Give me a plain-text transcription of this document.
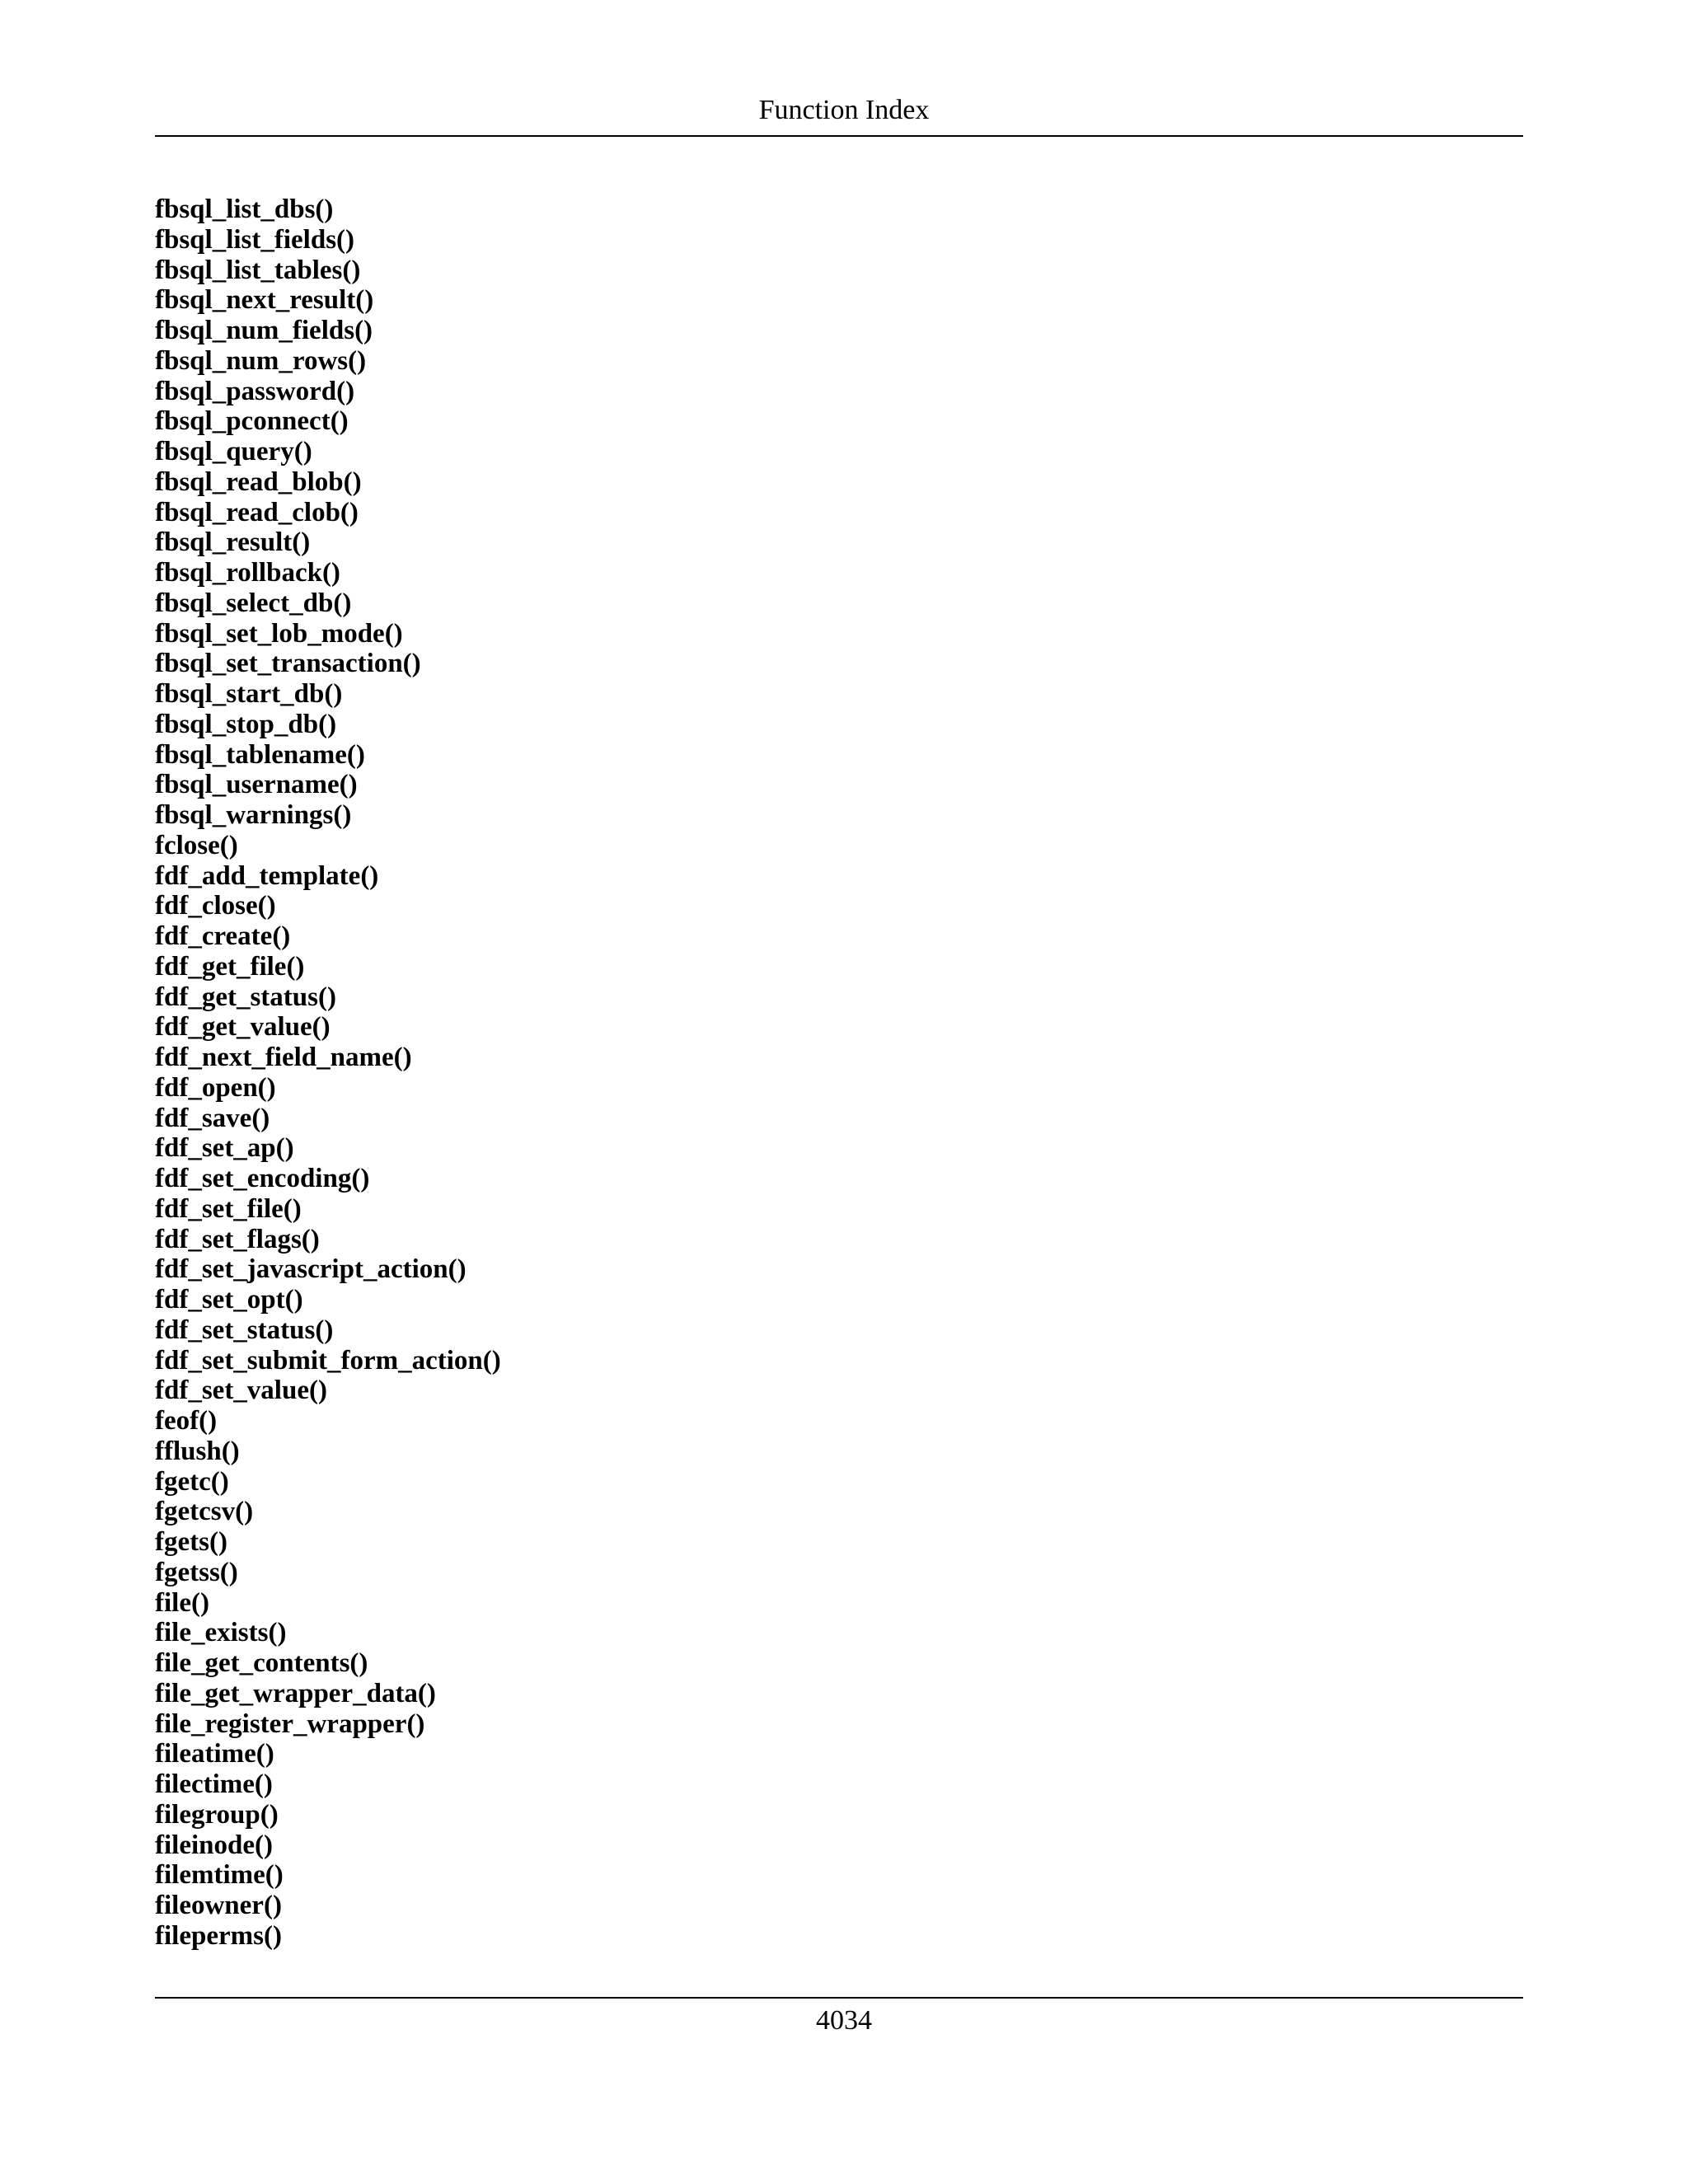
Function Index
fbsql_list_dbs()
fbsql_list_fields()
fbsql_list_tables()
fbsql_next_result()
fbsql_num_fields()
fbsql_num_rows()
fbsql_password()
fbsql_pconnect()
fbsql_query()
fbsql_read_blob()
fbsql_read_clob()
fbsql_result()
fbsql_rollback()
fbsql_select_db()
fbsql_set_lob_mode()
fbsql_set_transaction()
fbsql_start_db()
fbsql_stop_db()
fbsql_tablename()
fbsql_username()
fbsql_warnings()
fclose()
fdf_add_template()
fdf_close()
fdf_create()
fdf_get_file()
fdf_get_status()
fdf_get_value()
fdf_next_field_name()
fdf_open()
fdf_save()
fdf_set_ap()
fdf_set_encoding()
fdf_set_file()
fdf_set_flags()
fdf_set_javascript_action()
fdf_set_opt()
fdf_set_status()
fdf_set_submit_form_action()
fdf_set_value()
feof()
fflush()
fgetc()
fgetcsv()
fgets()
fgetss()
file()
file_exists()
file_get_contents()
file_get_wrapper_data()
file_register_wrapper()
fileatime()
filectime()
filegroup()
fileinode()
filemtime()
fileowner()
fileperms()
4034
